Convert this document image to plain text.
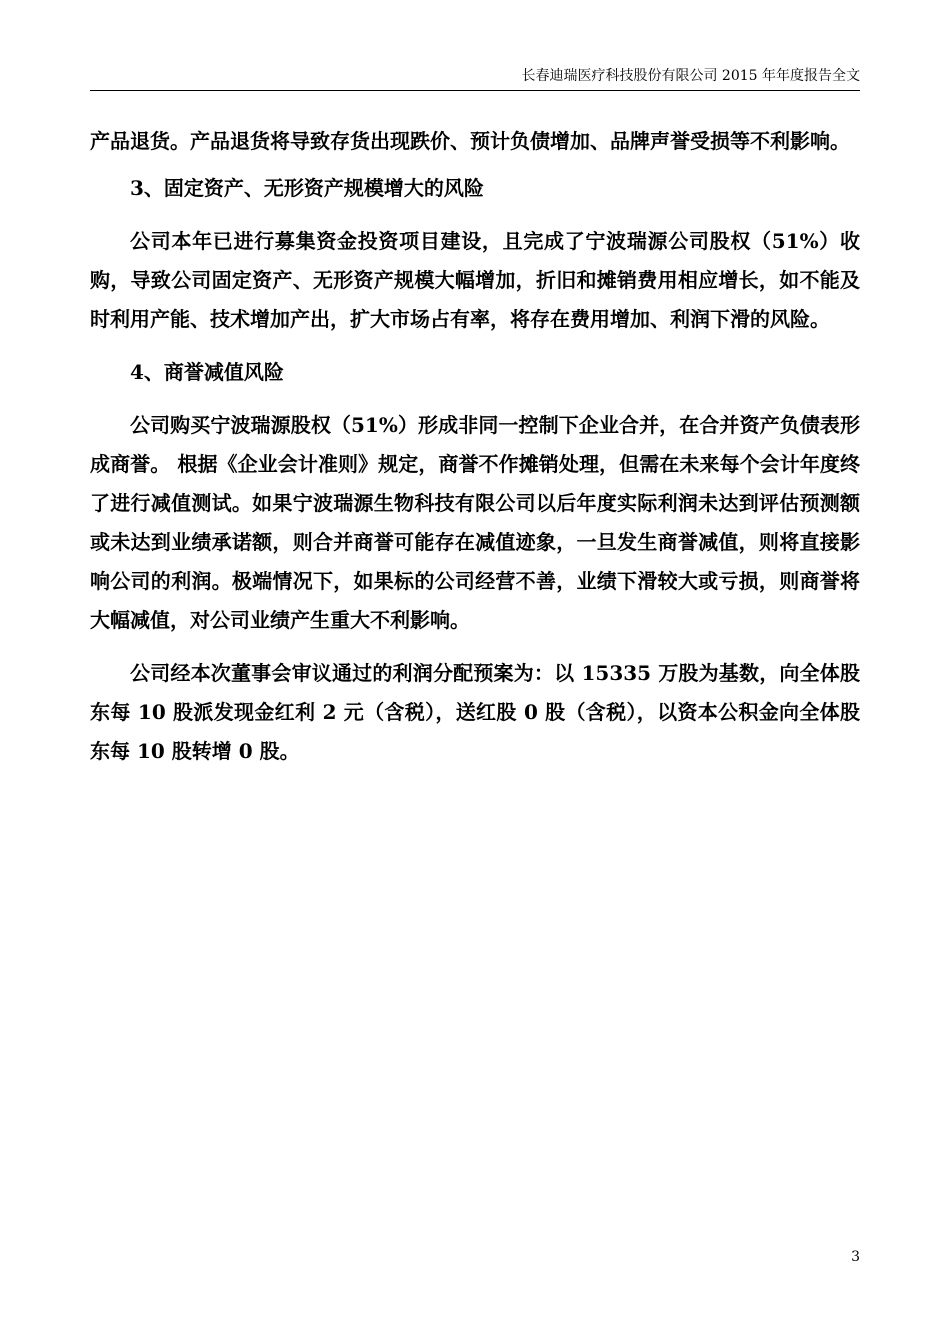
长春迪瑞医疗科技股份有限公司 2015 年年度报告全文

产品退货。产品退货将导致存货出现跌价、预计负债增加、品牌声誉受损等不利影响。

3、固定资产、无形资产规模增大的风险

公司本年已进行募集资金投资项目建设，且完成了宁波瑞源公司股权（51%）收购，导致公司固定资产、无形资产规模大幅增加，折旧和摊销费用相应增长，如不能及时利用产能、技术增加产出，扩大市场占有率，将存在费用增加、利润下滑的风险。

4、商誉减值风险

公司购买宁波瑞源股权（51%）形成非同一控制下企业合并，在合并资产负债表形成商誉。 根据《企业会计准则》规定，商誉不作摊销处理，但需在未来每个会计年度终了进行减值测试。如果宁波瑞源生物科技有限公司以后年度实际利润未达到评估预测额或未达到业绩承诺额，则合并商誉可能存在减值迹象，一旦发生商誉减值，则将直接影响公司的利润。极端情况下，如果标的公司经营不善，业绩下滑较大或亏损，则商誉将大幅减值，对公司业绩产生重大不利影响。

公司经本次董事会审议通过的利润分配预案为：以 15335 万股为基数，向全体股东每 10 股派发现金红利 2 元（含税），送红股 0 股（含税），以资本公积金向全体股东每 10 股转增 0 股。

3
